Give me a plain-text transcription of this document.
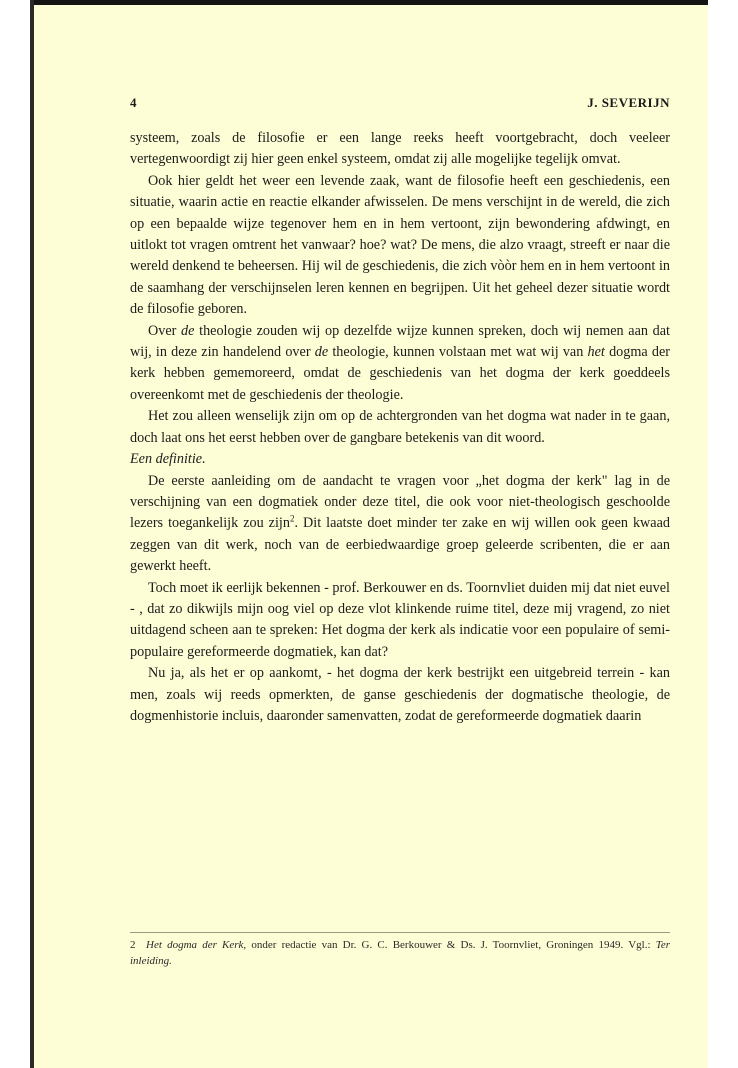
4	J. SEVERIJN

systeem, zoals de filosofie er een lange reeks heeft voortgebracht, doch veeleer vertegenwoordigt zij hier geen enkel systeem, omdat zij alle mogelijke tegelijk omvat.

Ook hier geldt het weer een levende zaak, want de filosofie heeft een geschiedenis, een situatie, waarin actie en reactie elkander afwisselen. De mens verschijnt in de wereld, die zich op een bepaalde wijze tegenover hem en in hem vertoont, zijn bewondering afdwingt, en uitlokt tot vragen omtrent het vanwaar? hoe? wat? De mens, die alzo vraagt, streeft er naar die wereld denkend te beheersen. Hij wil de geschiedenis, die zich vòòr hem en in hem vertoont in de saamhang der verschijnselen leren kennen en begrijpen. Uit het geheel dezer situatie wordt de filosofie geboren.

Over de theologie zouden wij op dezelfde wijze kunnen spreken, doch wij nemen aan dat wij, in deze zin handelend over de theologie, kunnen volstaan met wat wij van het dogma der kerk hebben gememoreerd, omdat de geschiedenis van het dogma der kerk goeddeels overeenkomt met de geschiedenis der theologie.

Het zou alleen wenselijk zijn om op de achtergronden van het dogma wat nader in te gaan, doch laat ons het eerst hebben over de gangbare betekenis van dit woord.

Een definitie.

De eerste aanleiding om de aandacht te vragen voor „het dogma der kerk" lag in de verschijning van een dogmatiek onder deze titel, die ook voor niet-theologisch geschoolde lezers toegankelijk zou zijn$^2$. Dit laatste doet minder ter zake en wij willen ook geen kwaad zeggen van dit werk, noch van de eerbiedwaardige groep geleerde scribenten, die er aan gewerkt heeft.

Toch moet ik eerlijk bekennen - prof. Berkouwer en ds. Toornvliet duiden mij dat niet euvel - , dat zo dikwijls mijn oog viel op deze vlot klinkende ruime titel, deze mij vragend, zo niet uitdagend scheen aan te spreken: Het dogma der kerk als indicatie voor een populaire of semi-populaire gereformeerde dogmatiek, kan dat?

Nu ja, als het er op aankomt, - het dogma der kerk bestrijkt een uitgebreid terrein - kan men, zoals wij reeds opmerkten, de ganse geschiedenis der dogmatische theologie, de dogmenhistorie incluis, daaronder samenvatten, zodat de gereformeerde dogmatiek daarin

2 Het dogma der Kerk, onder redactie van Dr. G. C. Berkouwer & Ds. J. Toornvliet, Groningen 1949. Vgl.: Ter inleiding.
